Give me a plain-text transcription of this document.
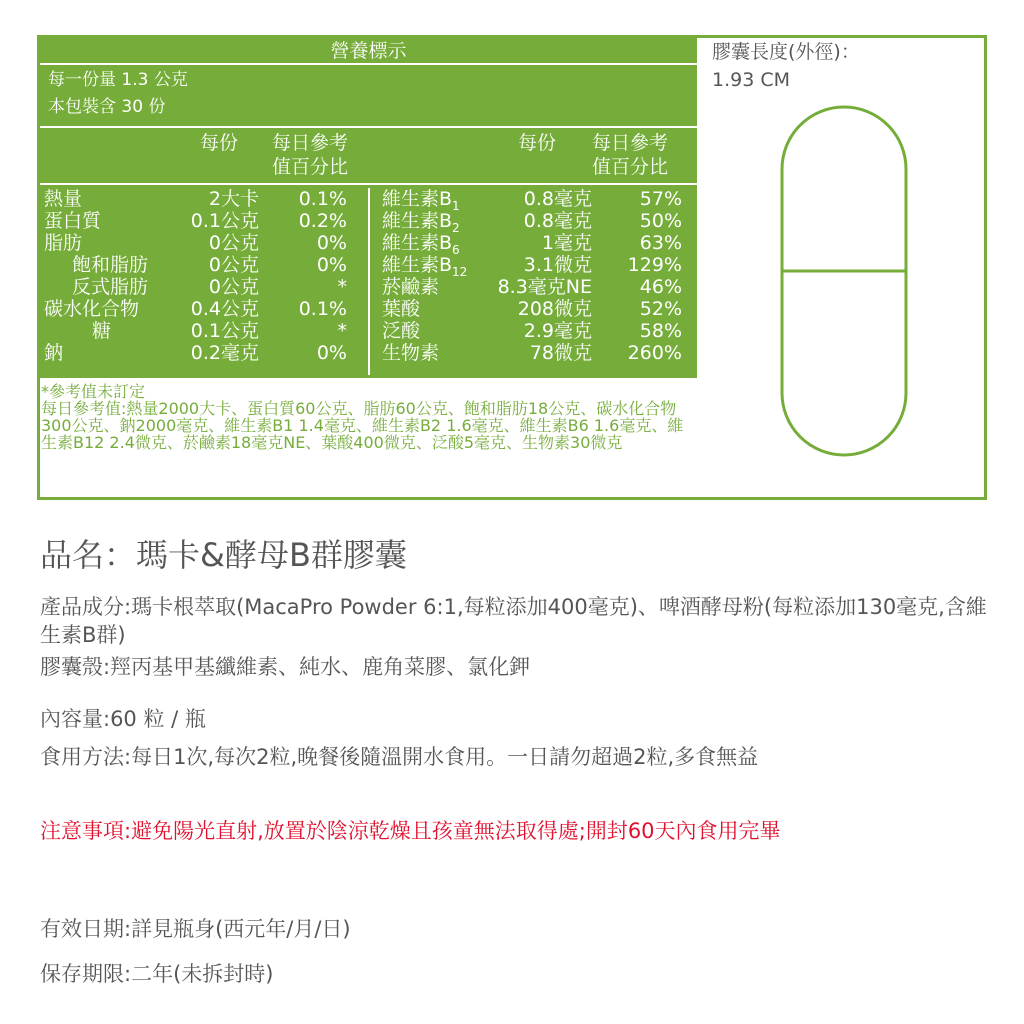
營養標示
每一份量 1.3 公克
本包裝含 30 份
每份 每日參考
值百分比
每份 每日參考
值百分比
熱量	2大卡 0.1%
蛋白質	0.1公克 0.2%
脂肪	0公克	0%
飽和脂肪	0公克	0%
反式脂肪	0公克	*
碳水化合物	0.4公克 0.1%
糖	0.1公克	*
鈉	0.2毫克	0%
維生素$B_1$	0.8毫克	57%
維生素$B_2$	0.8毫克	50%
維生素$B_6$	1毫克	63%
維生素$B_{12}$	3.1微克 129%
菸鹼素	8.3毫克NE	46%
葉酸	208微克	52%
泛酸	2.9毫克	58%
生物素	78微克 260%

*參考值未訂定

每日參考值:熱量2000大卡、蛋白質60公克、脂肪60公克、飽和脂肪18公克、碳水化合物300公克、鈉2000毫克、維生素B1 1.4毫克、維生素B2 1.6毫克、維生素B6 1.6毫克、維生素B12 2.4微克、菸鹼素18毫克NE、葉酸400微克、泛酸5毫克、生物素30微克

膠囊長度(外徑)：
1.93 CM
品名：瑪卡&酵母B群膠囊
產品成分:瑪卡根萃取(MacaPro Powder 6:1,每粒添加400毫克)、啤酒酵母粉(每粒添加130毫克,含維生素B群)
膠囊殼:羥丙基甲基纖維素、純水、鹿角菜膠、氯化鉀
內容量:60 粒 / 瓶
食用方法:每日1次,每次2粒,晚餐後隨溫開水食用。一日請勿超過2粒,多食無益
注意事項:避免陽光直射,放置於陰涼乾燥且孩童無法取得處;開封60天內食用完畢
有效日期:詳見瓶身(西元年/月/日)
保存期限:二年(未拆封時)
